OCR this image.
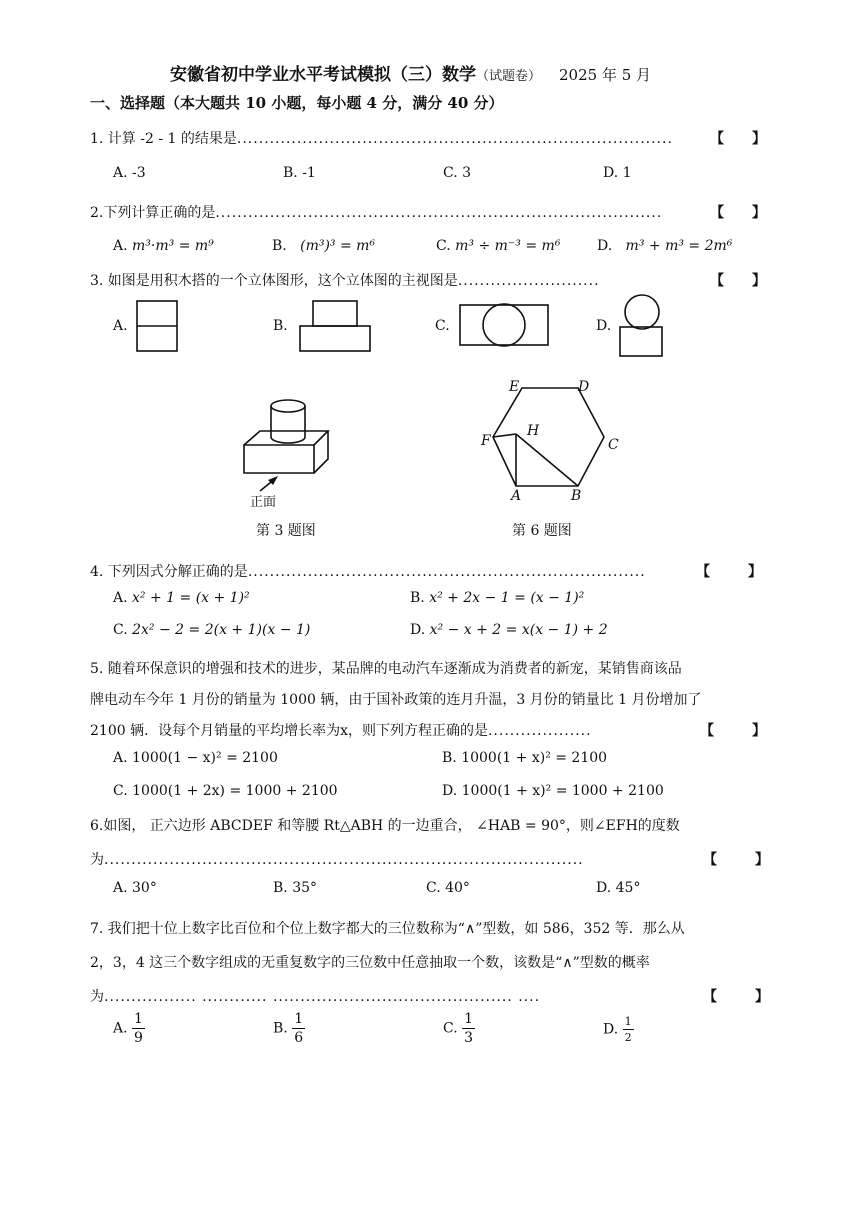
安徽省初中学业水平考试模拟（三）数学（试题卷） 2025 年 5 月
一、选择题（本大题共 10 小题，每小题 4 分，满分 40 分）
1. 计算 -2 - 1 的结果是................................................................................	【 】
A. -3	B. -1	C. 3	D. 1
2.下列计算正确的是..................................................................................	【 】
A. m³·m³ = m⁹	B. (m³)³ = m⁶	C. m³ ÷ m⁻³ = m⁶	D. m³ + m³ = 2m⁶
3. 如图是用积木搭的一个立体图形，这个立体图的主视图是..........................	【 】
A.	B.	C.	D.
正面
第 3 题图
E	D
C
B
A
F
H
第 6 题图
4. 下列因式分解正确的是.........................................................................	【	】
A. x² + 1 = (x + 1)²	B. x² + 2x − 1 = (x − 1)²
C. 2x² − 2 = 2(x + 1)(x − 1)	D. x² − x + 2 = x(x − 1) + 2
5. 随着环保意识的增强和技术的进步，某品牌的电动汽车逐渐成为消费者的新宠，某销售商该品
牌电动车今年 1 月份的销量为 1000 辆，由于国补政策的连月升温，3 月份的销量比 1 月份增加了
2100 辆．设每个月销量的平均增长率为x，则下列方程正确的是...................	【	】
A. 1000(1 − x)² = 2100	B. 1000(1 + x)² = 2100
C. 1000(1 + 2x) = 1000 + 2100	D. 1000(1 + x)² = 1000 + 2100
6.如图， 正六边形 ABCDEF 和等腰 Rt△ABH 的一边重合， ∠HAB = 90°，则∠EFH的度数
为........................................................................................	【	】
A. 30°	B. 35°	C. 40°	D. 45°
7. 我们把十位上数字比百位和个位上数字都大的三位数称为“∧”型数，如 586，352 等．那么从
2，3，4 这三个数字组成的无重复数字的三位数中任意抽取一个数，该数是“∧”型数的概率
为................. ............ ............................................ ....	【	】
A. $\frac{1}{9}$	B. $\frac{1}{6}$	C. $\frac{1}{3}$	D. $\frac{1}{2}$
